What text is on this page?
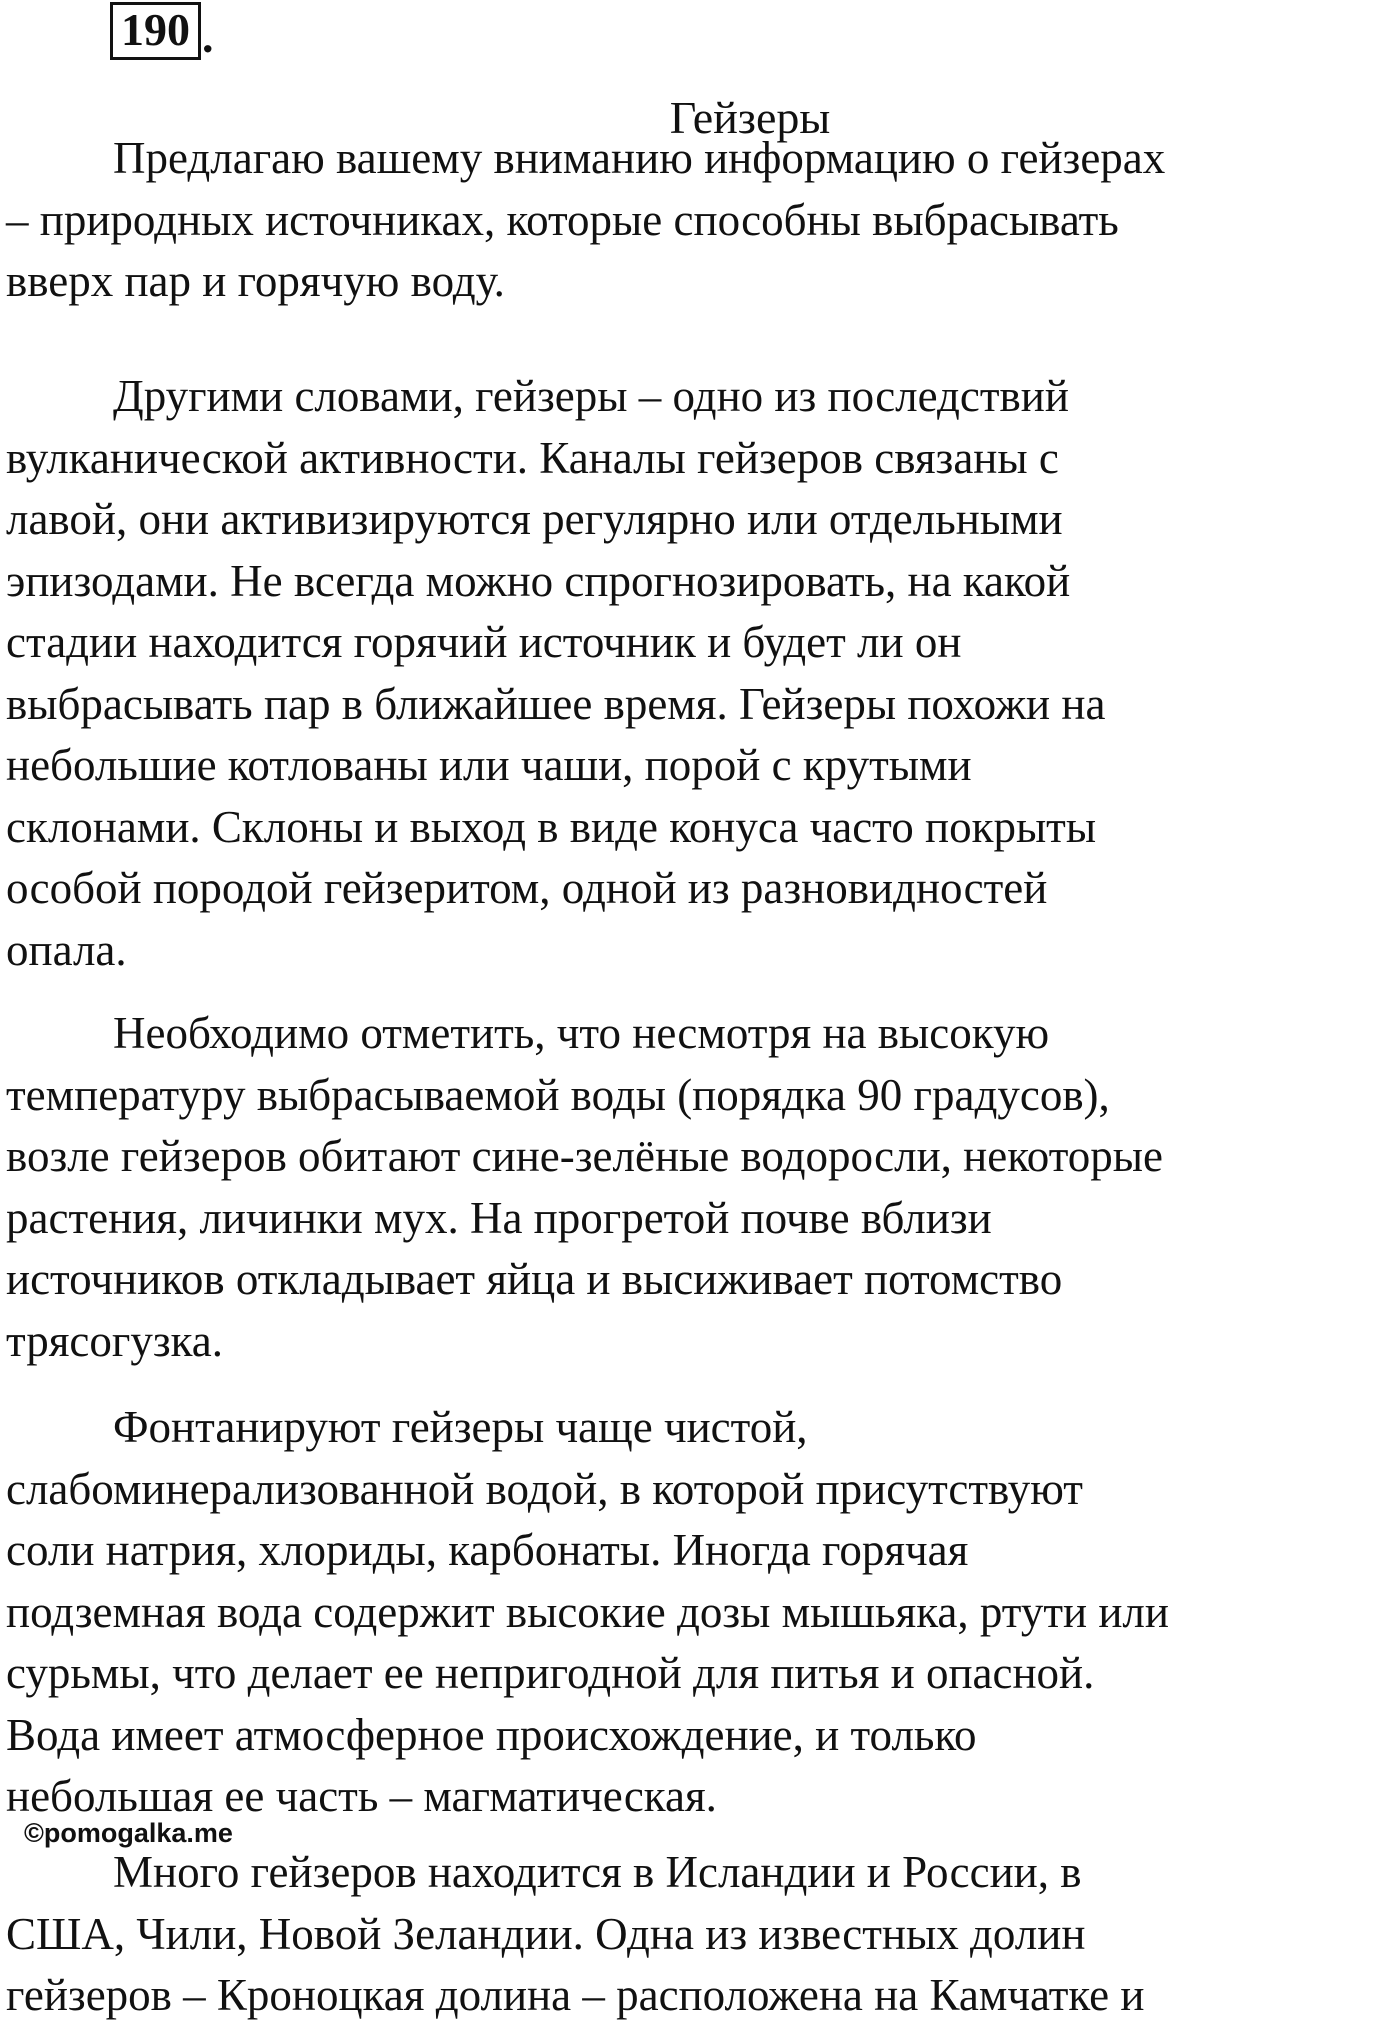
190 .
Гейзеры

Предлагаю вашему вниманию информацию о гейзерах
– природных источниках, которые способны выбрасывать
вверх пар и горячую воду.

Другими словами, гейзеры – одно из последствий
вулканической активности. Каналы гейзеров связаны с
лавой, они активизируются регулярно или отдельными
эпизодами. Не всегда можно спрогнозировать, на какой
стадии находится горячий источник и будет ли он
выбрасывать пар в ближайшее время. Гейзеры похожи на
небольшие котлованы или чаши, порой с крутыми
склонами. Склоны и выход в виде конуса часто покрыты
особой породой гейзеритом, одной из разновидностей
опала.

Необходимо отметить, что несмотря на высокую
температуру выбрасываемой воды (порядка 90 градусов),
возле гейзеров обитают сине-зелёные водоросли, некоторые
растения, личинки мух. На прогретой почве вблизи
источников откладывает яйца и высиживает потомство
трясогузка.

Фонтанируют гейзеры чаще чистой,
слабоминерализованной водой, в которой присутствуют
соли натрия, хлориды, карбонаты. Иногда горячая
подземная вода содержит высокие дозы мышьяка, ртути или
сурьмы, что делает ее непригодной для питья и опасной.
Вода имеет атмосферное происхождение, и только
небольшая ее часть – магматическая.

©pomogalka.me

Много гейзеров находится в Исландии и России, в
США, Чили, Новой Зеландии. Одна из известных долин
гейзеров – Кроноцкая долина – расположена на Камчатке и
